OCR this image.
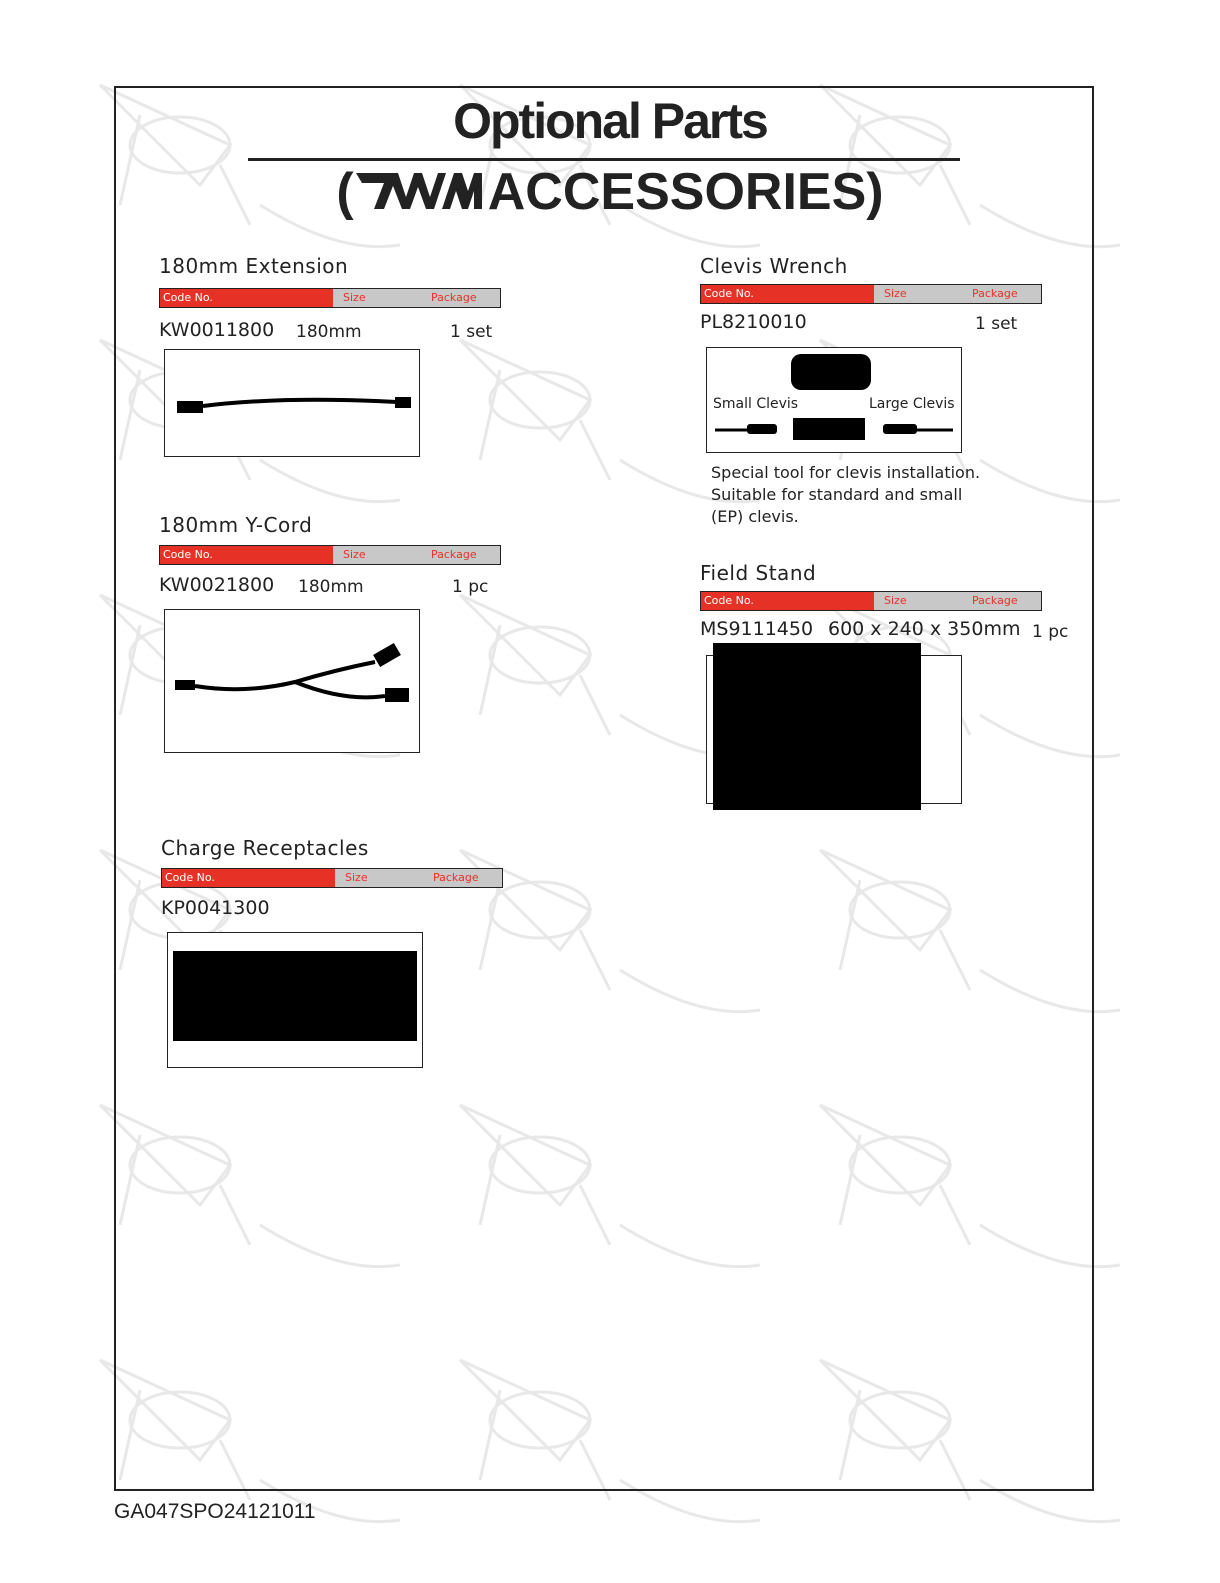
Optional Parts
(	ACCESSORIES)
180mm Extension
Code No.	Size	Package
KW0011800 180mm	1 set
180mm Y-Cord
Code No.	Size	Package
KW0021800 180mm	1 pc
Charge Receptacles
Code No.	Size	Package
KP0041300
Clevis Wrench
Code No.	Size	Package
PL8210010	1 set
Small Clevis	Large Clevis
Special tool for clevis installation.
Suitable for standard and small
(EP) clevis.
Field Stand
Code No.	Size	Package
MS9111450 600 x 240 x 350mm 1 pc
GA047SPO24121011
